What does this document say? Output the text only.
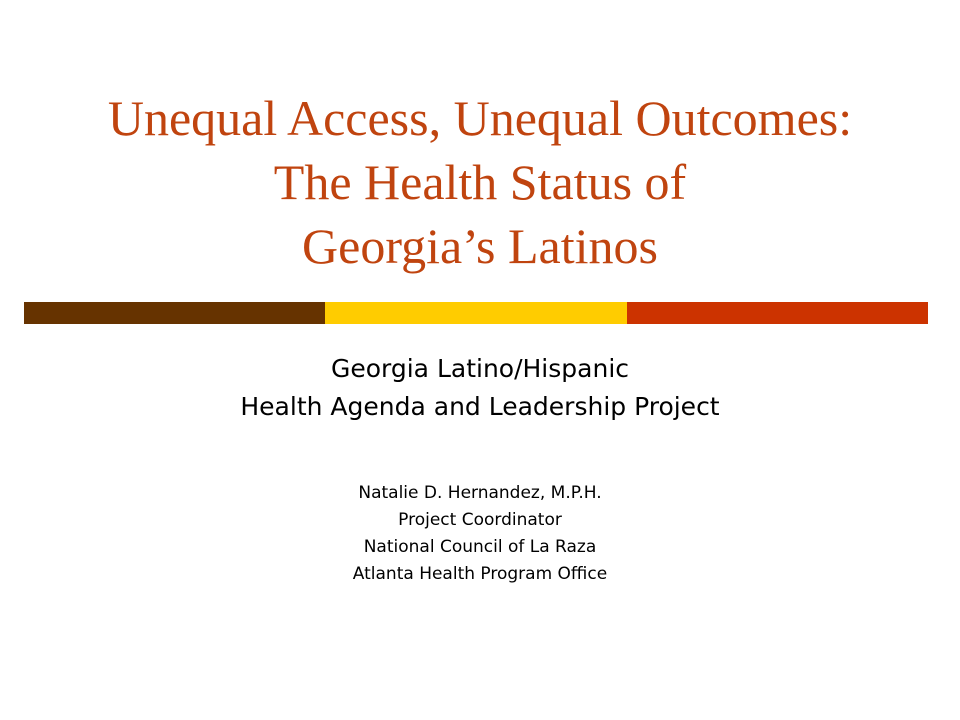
Unequal Access, Unequal Outcomes:
The Health Status of
Georgia’s Latinos
Georgia Latino/Hispanic
Health Agenda and Leadership Project
Natalie D. Hernandez, M.P.H.
Project Coordinator
National Council of La Raza
Atlanta Health Program Office
